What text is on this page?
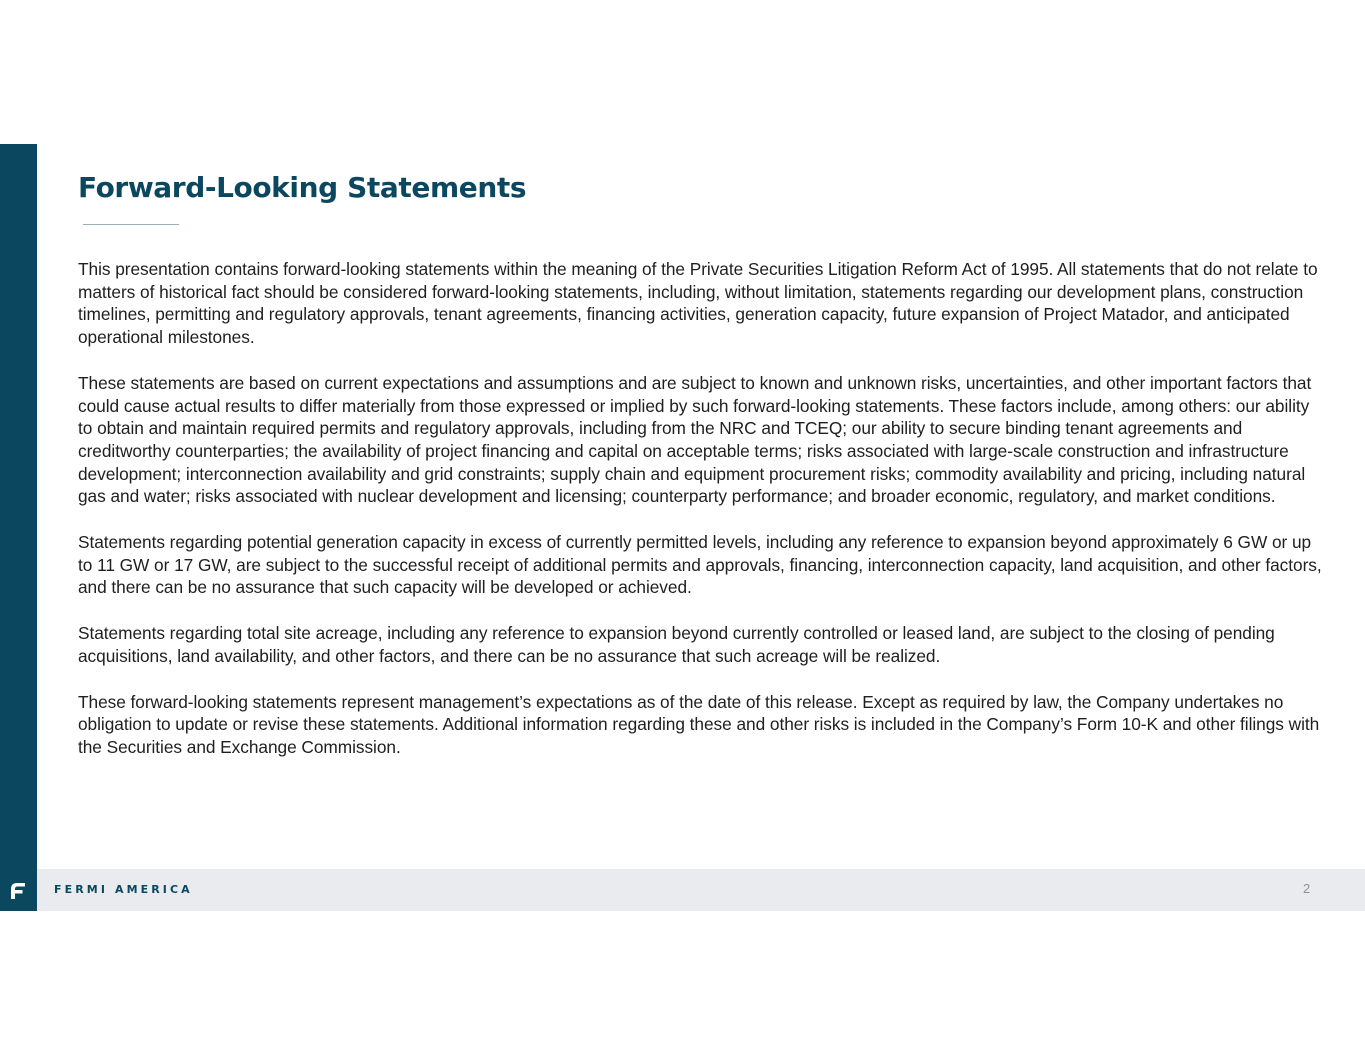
Forward-Looking Statements

This presentation contains forward-looking statements within the meaning of the Private Securities Litigation Reform Act of 1995. All statements that do not relate to matters of historical fact should be considered forward-looking statements, including, without limitation, statements regarding our development plans, construction timelines, permitting and regulatory approvals, tenant agreements, financing activities, generation capacity, future expansion of Project Matador, and anticipated operational milestones.

These statements are based on current expectations and assumptions and are subject to known and unknown risks, uncertainties, and other important factors that could cause actual results to differ materially from those expressed or implied by such forward-looking statements. These factors include, among others: our ability to obtain and maintain required permits and regulatory approvals, including from the NRC and TCEQ; our ability to secure binding tenant agreements and creditworthy counterparties; the availability of project financing and capital on acceptable terms; risks associated with large-scale construction and infrastructure development; interconnection availability and grid constraints; supply chain and equipment procurement risks; commodity availability and pricing, including natural gas and water; risks associated with nuclear development and licensing; counterparty performance; and broader economic, regulatory, and market conditions.

Statements regarding potential generation capacity in excess of currently permitted levels, including any reference to expansion beyond approximately 6 GW or up to 11 GW or 17 GW, are subject to the successful receipt of additional permits and approvals, financing, interconnection capacity, land acquisition, and other factors, and there can be no assurance that such capacity will be developed or achieved.

Statements regarding total site acreage, including any reference to expansion beyond currently controlled or leased land, are subject to the closing of pending acquisitions, land availability, and other factors, and there can be no assurance that such acreage will be realized.

These forward-looking statements represent management’s expectations as of the date of this release. Except as required by law, the Company undertakes no obligation to update or revise these statements. Additional information regarding these and other risks is included in the Company’s Form 10-K and other filings with the Securities and Exchange Commission.

FERMI AMERICA	2
